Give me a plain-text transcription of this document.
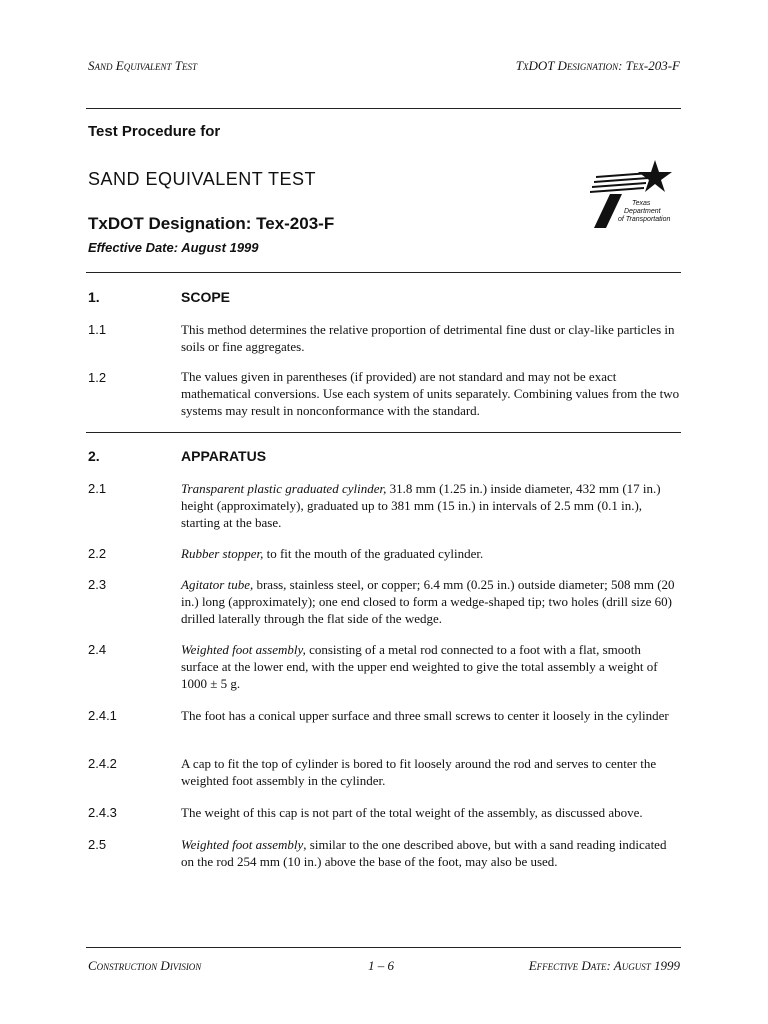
Sand Equivalent Test	TxDOT Designation: Tex-203-F
Test Procedure for
SAND EQUIVALENT TEST
TxDOT Designation: Tex-203-F
Effective Date: August 1999
Texas
Department
of Transportation
1.	SCOPE
1.1	This method determines the relative proportion of detrimental fine dust or clay-like particles in soils or fine aggregates.
1.2	The values given in parentheses (if provided) are not standard and may not be exact mathematical conversions. Use each system of units separately. Combining values from the two systems may result in nonconformance with the standard.
2.	APPARATUS
2.1	Transparent plastic graduated cylinder, 31.8 mm (1.25 in.) inside diameter, 432 mm (17 in.) height (approximately), graduated up to 381 mm (15 in.) in intervals of 2.5 mm (0.1 in.), starting at the base.
2.2	Rubber stopper, to fit the mouth of the graduated cylinder.
2.3	Agitator tube, brass, stainless steel, or copper; 6.4 mm (0.25 in.) outside diameter; 508 mm (20 in.) long (approximately); one end closed to form a wedge-shaped tip; two holes (drill size 60) drilled laterally through the flat side of the wedge.
2.4	Weighted foot assembly, consisting of a metal rod connected to a foot with a flat, smooth surface at the lower end, with the upper end weighted to give the total assembly a weight of 1000 ± 5 g.
2.4.1	The foot has a conical upper surface and three small screws to center it loosely in the cylinder
2.4.2	A cap to fit the top of cylinder is bored to fit loosely around the rod and serves to center the weighted foot assembly in the cylinder.
2.4.3	The weight of this cap is not part of the total weight of the assembly, as discussed above.
2.5	Weighted foot assembly, similar to the one described above, but with a sand reading indicated on the rod 254 mm (10 in.) above the base of the foot, may also be used.
Construction Division	1 – 6	Effective Date: August 1999
